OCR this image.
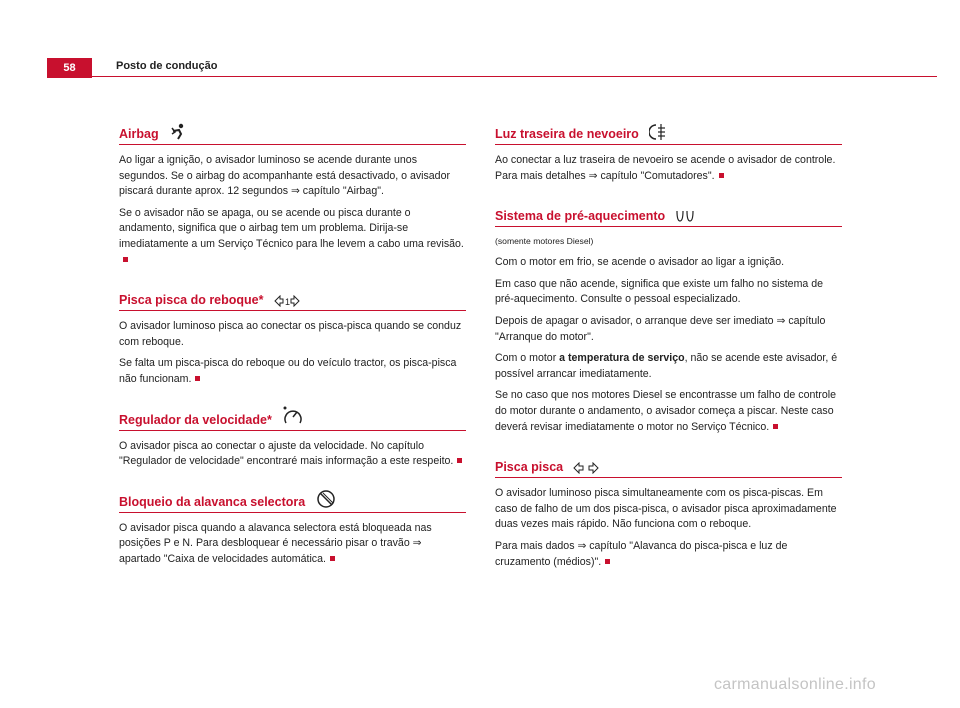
58	Posto de condução
Airbag

Ao ligar a ignição, o avisador luminoso se acende durante unos segundos. Se o airbag do acompanhante está desactivado, o avisador piscará durante aprox. 12 segundos ⇒ capítulo "Airbag".

Se o avisador não se apaga, ou se acende ou pisca durante o andamento, significa que o airbag tem um problema. Dirija-se imediatamente a um Serviço Técnico para lhe levem a cabo uma revisão.

Pisca pisca do reboque* 1

O avisador luminoso pisca ao conectar os pisca-pisca quando se conduz com reboque.

Se falta um pisca-pisca do reboque ou do veículo tractor, os pisca-pisca não funcionam.

Regulador da velocidade*

O avisador pisca ao conectar o ajuste da velocidade. No capítulo "Regulador de velocidade" encontraré mais informação a este respeito.

Bloqueio da alavanca selectora

O avisador pisca quando a alavanca selectora está bloqueada nas posições P e N. Para desbloquear é necessário pisar o travão ⇒ apartado "Caixa de velocidades automática.

Luz traseira de nevoeiro

Ao conectar a luz traseira de nevoeiro se acende o avisador de controle. Para mais detalhes ⇒ capítulo "Comutadores".

Sistema de pré-aquecimento

(somente motores Diesel)

Com o motor em frio, se acende o avisador ao ligar a ignição.

Em caso que não acende, significa que existe um falho no sistema de pré-aquecimento. Consulte o pessoal especializado.

Depois de apagar o avisador, o arranque deve ser imediato ⇒ capítulo "Arranque do motor".

Com o motor a temperatura de serviço, não se acende este avisador, é possível arrancar imediatamente.

Se no caso que nos motores Diesel se encontrasse um falho de controle do motor durante o andamento, o avisador começa a piscar. Neste caso deverá revisar imediatamente o motor no Serviço Técnico.

Pisca pisca

O avisador luminoso pisca simultaneamente com os pisca-piscas. Em caso de falho de um dos pisca-pisca, o avisador pisca aproximadamente duas vezes mais rápido. Não funciona com o reboque.

Para mais dados ⇒ capítulo "Alavanca do pisca-pisca e luz de cruzamento (médios)".

carmanualsonline.info
